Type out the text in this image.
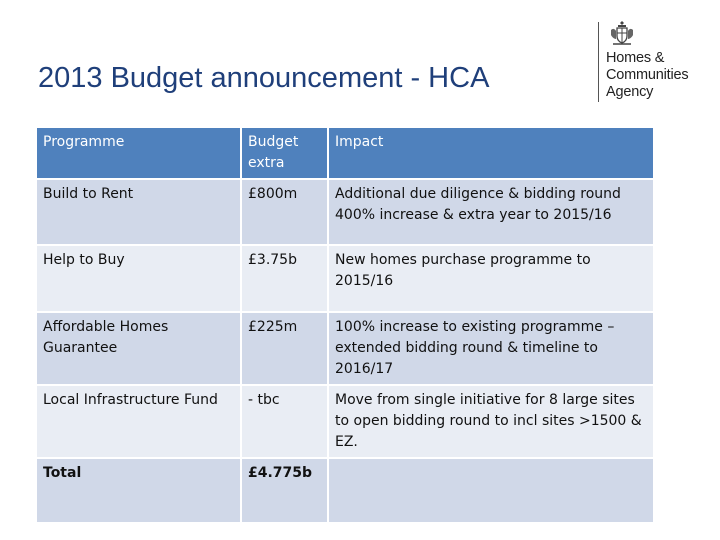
2013 Budget announcement - HCA
Homes &
Communities
Agency
Programme	Budget extra	Impact
Build to Rent	£800m	Additional due diligence & bidding round 400% increase & extra year to 2015/16
Help to Buy	£3.75b	New homes purchase programme to 2015/16
Affordable Homes Guarantee	£225m	100% increase to existing programme – extended bidding round & timeline to 2016/17
Local Infrastructure Fund	- tbc	Move from single initiative for 8 large sites to open bidding round to incl sites >1500 & EZ.
Total	£4.775b	
